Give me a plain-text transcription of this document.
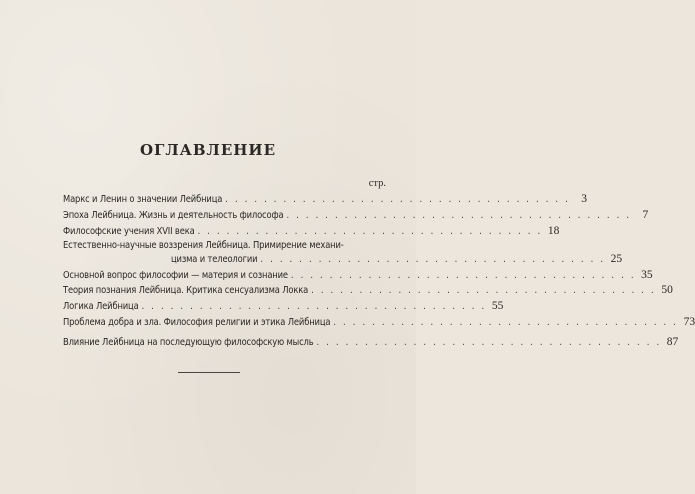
ОГЛАВЛЕНИЕ
стр.
Маркс и Ленин о значении Лейбница . . . . . . . . . . . . . . . . . . . . . . . . . . . . . . . . . . . . 3
Эпоха Лейбница. Жизнь и деятельность философа . . . . . . . . . . . . . . . . . . . . . . . . . . . . . . . . . . . . 7
Философские учения XVII века . . . . . . . . . . . . . . . . . . . . . . . . . . . . . . . . . . . . 18
Естественно-научные воззрения Лейбница. Примирение механи-
цизма и телеологии . . . . . . . . . . . . . . . . . . . . . . . . . . . . . . . . . . . . 25
Основной вопрос философии — материя и сознание . . . . . . . . . . . . . . . . . . . . . . . . . . . . . . . . . . . . 35
Теория познания Лейбница. Критика сенсуализма Локка . . . . . . . . . . . . . . . . . . . . . . . . . . . . . . . . . . . . 50
Логика Лейбница . . . . . . . . . . . . . . . . . . . . . . . . . . . . . . . . . . . . 55
Проблема добра и зла. Философия религии и этика Лейбница . . . . . . . . . . . . . . . . . . . . . . . . . . . . . . . . . . . . 73
Влияние Лейбница на последующую философскую мысль . . . . . . . . . . . . . . . . . . . . . . . . . . . . . . . . . . . . 87
